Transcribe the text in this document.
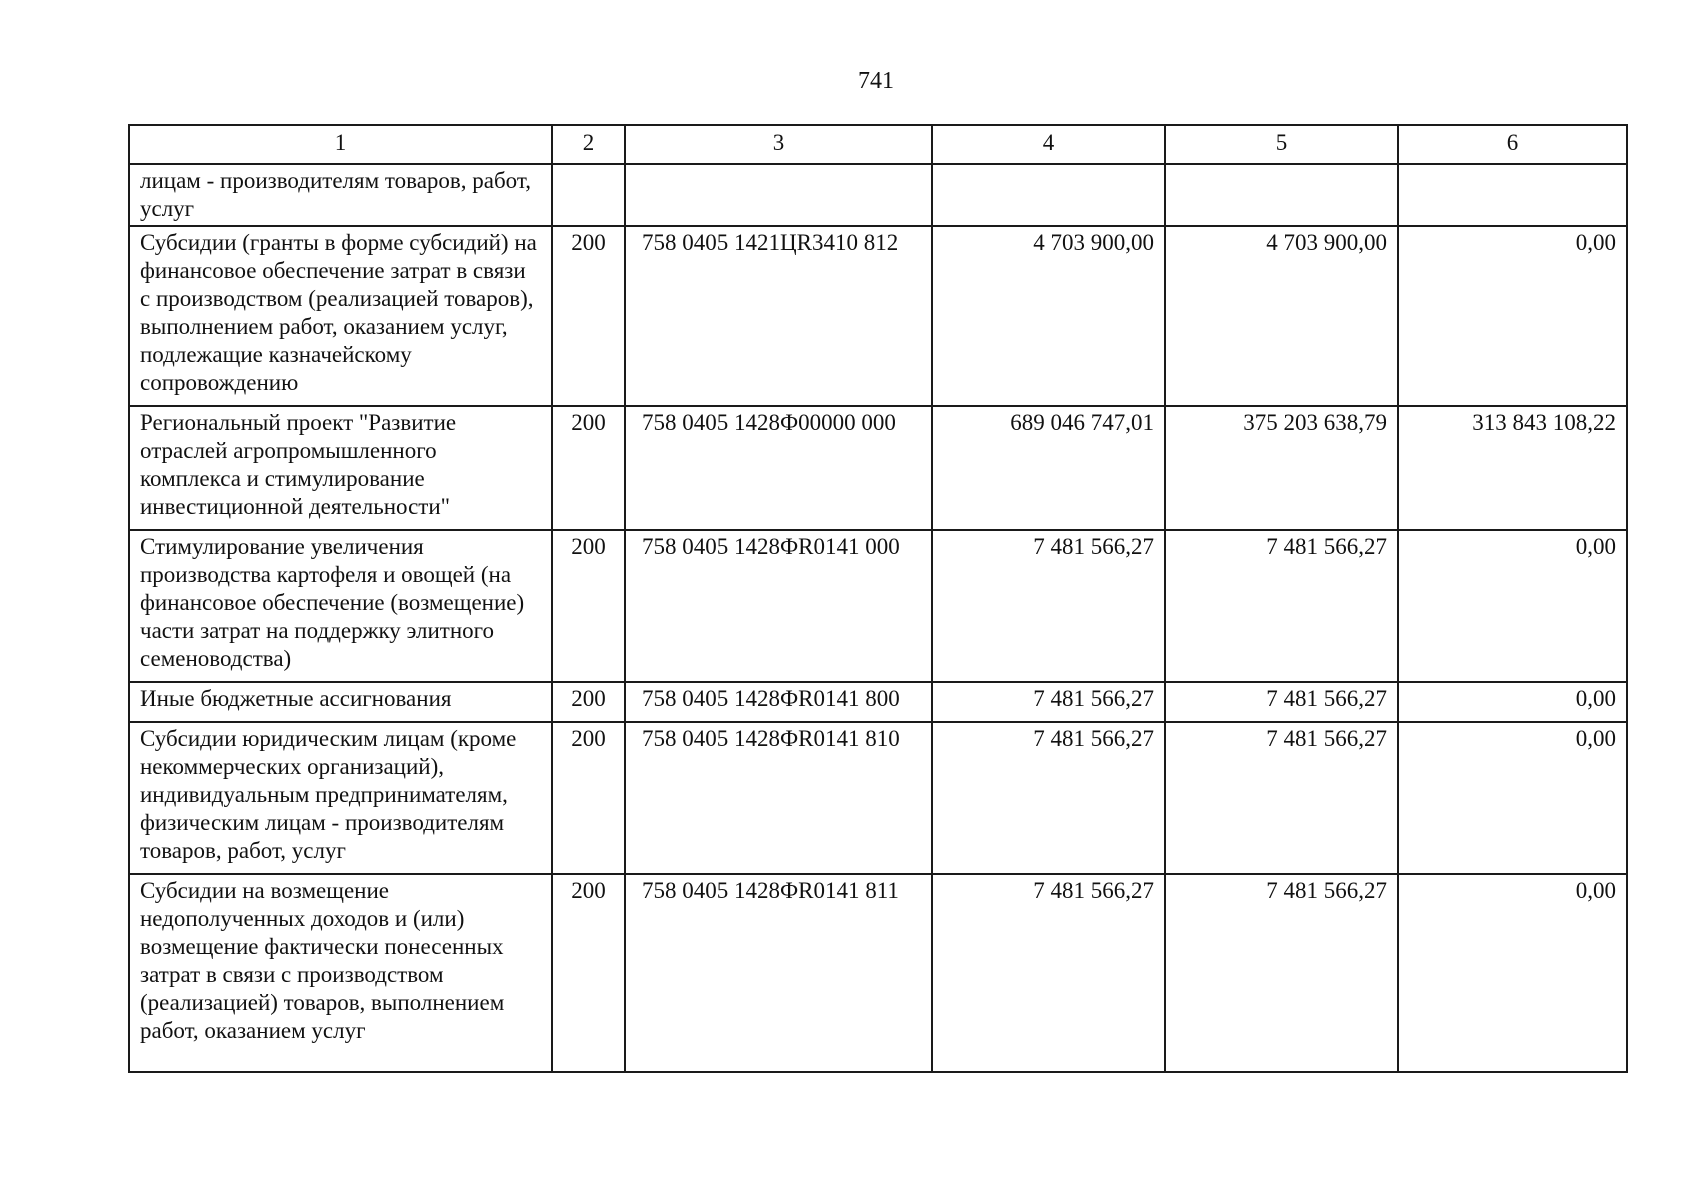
741
1	2	3	4	5	6
лицам - производителям товаров, работ, услуг					
Субсидии (гранты в форме субсидий) на финансовое обеспечение затрат в связи с производством (реализацией товаров), выполнением работ, оказанием услуг, подлежащие казначейскому сопровождению	200	758 0405 1421ЦR3410 812	4 703 900,00	4 703 900,00	0,00
Региональный проект "Развитие отраслей агропромышленного комплекса и стимулирование инвестиционной деятельности"	200	758 0405 1428Ф00000 000	689 046 747,01	375 203 638,79	313 843 108,22
Стимулирование увеличения производства картофеля и овощей (на финансовое обеспечение (возмещение) части затрат на поддержку элитного семеноводства)	200	758 0405 1428ФR0141 000	7 481 566,27	7 481 566,27	0,00
Иные бюджетные ассигнования	200	758 0405 1428ФR0141 800	7 481 566,27	7 481 566,27	0,00
Субсидии юридическим лицам (кроме некоммерческих организаций), индивидуальным предпринимателям, физическим лицам - производителям товаров, работ, услуг	200	758 0405 1428ФR0141 810	7 481 566,27	7 481 566,27	0,00
Субсидии на возмещение недополученных доходов и (или) возмещение фактически понесенных затрат в связи с производством (реализацией) товаров, выполнением работ, оказанием услуг	200	758 0405 1428ФR0141 811	7 481 566,27	7 481 566,27	0,00
